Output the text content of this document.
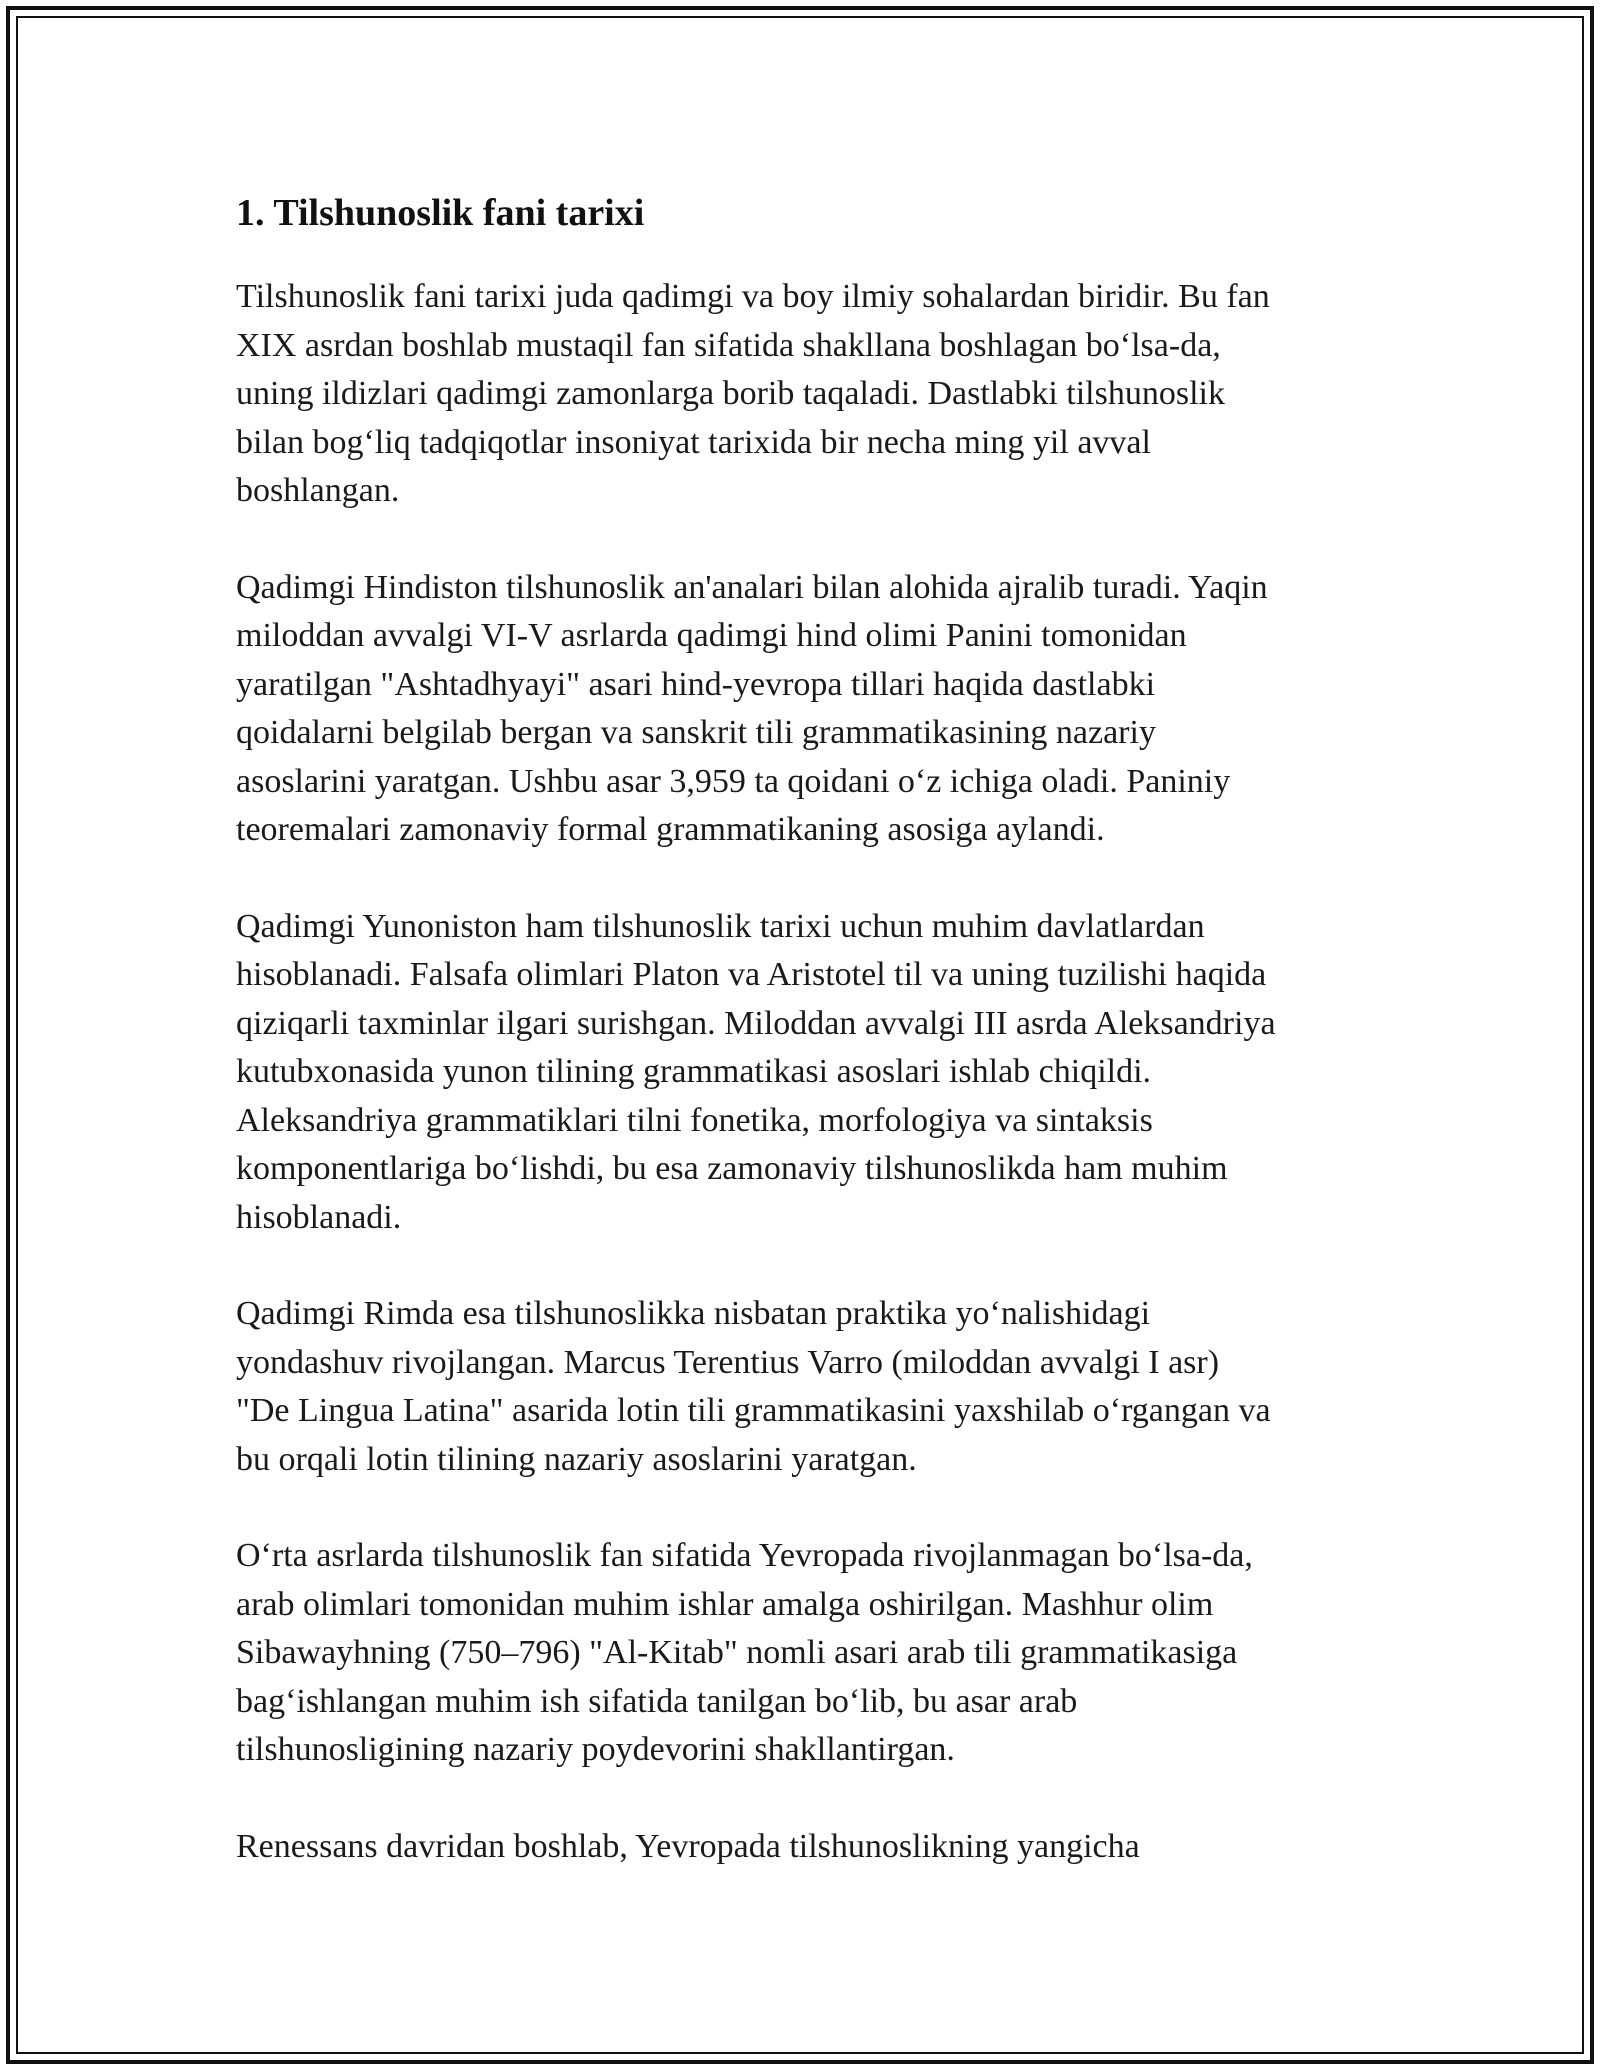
1. Tilshunoslik fani tarixi

Tilshunoslik fani tarixi juda qadimgi va boy ilmiy sohalardan biridir. Bu fan
XIX asrdan boshlab mustaqil fan sifatida shakllana boshlagan bo‘lsa-da,
uning ildizlari qadimgi zamonlarga borib taqaladi. Dastlabki tilshunoslik
bilan bog‘liq tadqiqotlar insoniyat tarixida bir necha ming yil avval
boshlangan.

Qadimgi Hindiston tilshunoslik an'analari bilan alohida ajralib turadi. Yaqin
miloddan avvalgi VI-V asrlarda qadimgi hind olimi Panini tomonidan
yaratilgan "Ashtadhyayi" asari hind-yevropa tillari haqida dastlabki
qoidalarni belgilab bergan va sanskrit tili grammatikasining nazariy
asoslarini yaratgan. Ushbu asar 3,959 ta qoidani o‘z ichiga oladi. Paniniy
teoremalari zamonaviy formal grammatikaning asosiga aylandi.

Qadimgi Yunoniston ham tilshunoslik tarixi uchun muhim davlatlardan
hisoblanadi. Falsafa olimlari Platon va Aristotel til va uning tuzilishi haqida
qiziqarli taxminlar ilgari surishgan. Miloddan avvalgi III asrda Aleksandriya
kutubxonasida yunon tilining grammatikasi asoslari ishlab chiqildi.
Aleksandriya grammatiklari tilni fonetika, morfologiya va sintaksis
komponentlariga bo‘lishdi, bu esa zamonaviy tilshunoslikda ham muhim
hisoblanadi.

Qadimgi Rimda esa tilshunoslikka nisbatan praktika yo‘nalishidagi
yondashuv rivojlangan. Marcus Terentius Varro (miloddan avvalgi I asr)
"De Lingua Latina" asarida lotin tili grammatikasini yaxshilab o‘rgangan va
bu orqali lotin tilining nazariy asoslarini yaratgan.

O‘rta asrlarda tilshunoslik fan sifatida Yevropada rivojlanmagan bo‘lsa-da,
arab olimlari tomonidan muhim ishlar amalga oshirilgan. Mashhur olim
Sibawayhning (750–796) "Al-Kitab" nomli asari arab tili grammatikasiga
bag‘ishlangan muhim ish sifatida tanilgan bo‘lib, bu asar arab
tilshunosligining nazariy poydevorini shakllantirgan.

Renessans davridan boshlab, Yevropada tilshunoslikning yangicha
